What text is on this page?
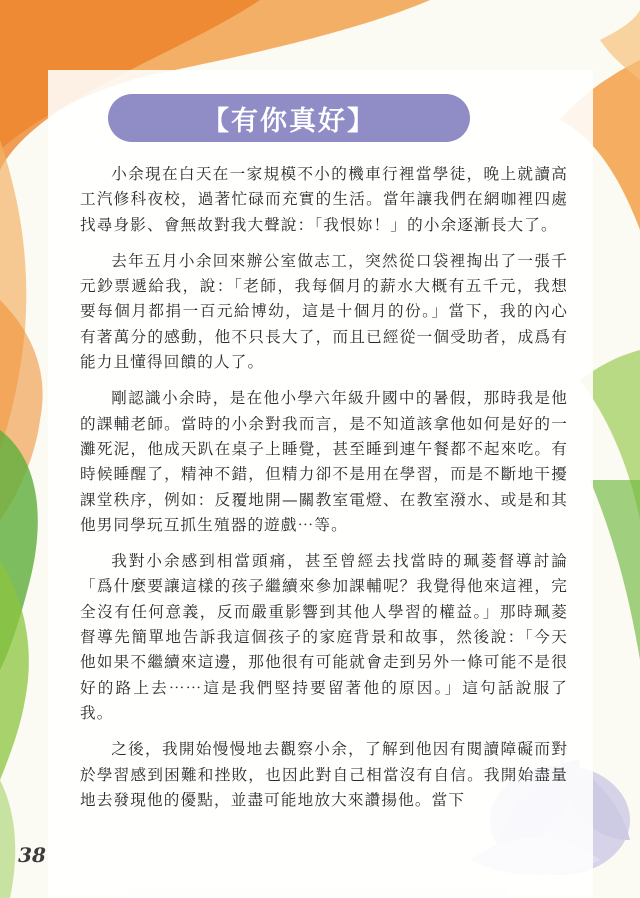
【有你真好】

小余現在白天在一家規模不小的機車行裡當學徒，晚上就讀高工汽修科夜校，過著忙碌而充實的生活。當年讓我們在網咖裡四處找尋身影、會無故對我大聲說：「我恨妳！」的小余逐漸長大了。

去年五月小余回來辦公室做志工，突然從口袋裡掏出了一張千元鈔票遞給我，說：「老師，我每個月的薪水大概有五千元，我想要每個月都捐一百元給博幼，這是十個月的份。」當下，我的內心有著萬分的感動，他不只長大了，而且已經從一個受助者，成爲有能力且懂得回饋的人了。

剛認識小余時，是在他小學六年級升國中的暑假，那時我是他的課輔老師。當時的小余對我而言，是不知道該拿他如何是好的一灘死泥，他成天趴在桌子上睡覺，甚至睡到連午餐都不起來吃。有時候睡醒了，精神不錯，但精力卻不是用在學習，而是不斷地干擾課堂秩序，例如：反覆地開—關教室電燈、在教室潑水、或是和其他男同學玩互抓生殖器的遊戲⋯等。

我對小余感到相當頭痛，甚至曾經去找當時的珮菱督導討論「爲什麼要讓這樣的孩子繼續來參加課輔呢？我覺得他來這裡，完全沒有任何意義，反而嚴重影響到其他人學習的權益。」那時珮菱督導先簡單地告訴我這個孩子的家庭背景和故事，然後說：「今天他如果不繼續來這邊，那他很有可能就會走到另外一條可能不是很好的路上去⋯⋯這是我們堅持要留著他的原因。」這句話說服了我。

之後，我開始慢慢地去觀察小余，了解到他因有閱讀障礙而對於學習感到困難和挫敗，也因此對自己相當沒有自信。我開始盡量地去發現他的優點，並盡可能地放大來讚揚他。當下

38
